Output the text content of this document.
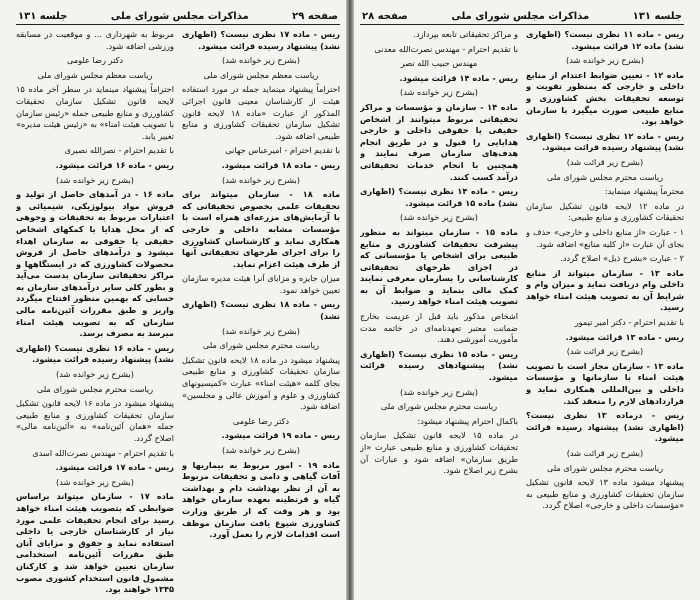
صفحه ۲۹
مذاکرات مجلس شورای ملی
جلسه ۱۳۱

ریس - ماده ۱۷ نظری نیست؟ (اظهاری نشد) پیشنهاد رسیده قرائت میشود.

(بشرح زیر خوانده شد)

ریاست معظم مجلس شورای ملی

احتراماً پیشنهاد مینماید جمله در مورد استفاده هیئت از کارشناسان معینی قانون اجرائی المذکور از عبارت «ماده ۱۸ لایحه قانون تشکیل سازمان تحقیقات کشاورزی و منابع طبیعی اضافه شود.

با تقدیم احترام - امیرعباس جهانی

ریس - ماده ۱۸ قرائت میشود.

(بشرح زیر خوانده شد)

ماده ۱۸ - سازمان میتواند برای تحقیقات علمی بخصوص تحقیقاتی که با آزمایش‌های مزرعه‌ای همراه است با مؤسسات مشابه داخلی و خارجی همکاری نماید و کارشناسان کشاورزی را برای اجرای طرحهای تحقیقاتی آنها از طرف هیئت اعزام نماید.

میزان جایزه و مزایای آنرا هیئت مدیره سازمان تعیین خواهد نمود.

ریس - ماده ۱۸ نظری نیست؟ (اظهاری نشد)

(بشرح زیر خوانده شد)

ریاست محترم مجلس شورای ملی

پیشنهاد میشود در ماده ۱۸ لایحه قانون تشکیل سازمان تحقیقات کشاورزی و منابع طبیعی بجای کلمه «هیئت امناء» عبارت «کمیسیونهای کشاورزی و علوم و آموزش عالی و مجلسین» اضافه شود.

دکتر رضا علومی

ریس - ماده ۱۹ قرائت میشود.

(بشرح زیر خوانده شد)

ماده ۱۹ - امور مربوط به بیماریها و آفات گیاهی و دامی و تحقیقات مربوط به آن از نظر بهداشت دام و بهداشت گیاه و قرنطینه بعهده سازمان خواهد بود و هر وقت که از طریق وزارت کشاورزی شیوع یافت سازمان موظف است اقدامات لازم را بعمل آورد.

مربوط به شهرداری ... و موقعیت در مسابقه ورزشی اضافه شود.

دکتر رضا علومی

ریاست معظم مجلس شورای ملی

احتراماً پیشنهاد مینماید در سطر آخر ماده ۱۵ لایحه قانون تشکیل سازمان تحقیقات کشاورزی و منابع طبیعی جمله «رئیس سازمان با تصویب هیئت امناء» به «رئیس هیئت مدیره» تغییر یابد.

با تقدیم احترام - نصرالله نصیری

ریس - ماده ۱۶ قرائت میشود.

(بشرح زیر خوانده شد)

ماده ۱۶ - در آمدهای حاصل از تولید و فروش مواد بیولوژیکی، شیمیائی و اعتبارات مربوط به تحقیقات و وجوهی که از محل هدایا یا کمکهای اشخاص حقیقی یا حقوقی به سازمان اهداء میشود و درآمدهای حاصل از فروش محصولات کشاورزی که در ایستگاهها و مراکز تحقیقاتی سازمان بدست می‌آید و بطور کلی سایر درآمدهای سازمان به حسابی که بهمین منظور افتتاح میگردد واریز و طبق مقررات آئین‌نامه مالی سازمان که به تصویب هیئت امناء میرسد به مصرف برسد.

ریس - ماده ۱۶ نظری نیست؟ (اظهاری نشد) پیشنهاد رسیده قرائت میشود.

(بشرح زیر خوانده شد)

ریاست محترم مجلس شورای ملی

پیشنهاد میشود در ماده ۱۶ لایحه قانون تشکیل سازمان تحقیقات کشاورزی و منابع طبیعی جمله «همان آئین‌نامه» به «آئین‌نامه مالی» اصلاح گردد.

با تقدیم احترام - مهندس نصرت‌الله اسدی

ریس - ماده ۱۷ قرائت میشود.

(بشرح زیر خوانده شد)

ماده ۱۷ - سازمان میتواند براساس ضوابطی که بتصویب هیئت امناء خواهد رسید برای انجام تحقیقات علمی مورد نیاز از کارشناسان خارجی یا داخلی استفاده نماید و حقوق و مزایای آنان طبق مقررات آئین‌نامه استخدامی سازمان تعیین خواهد شد و کارکنان مشمول قانون استخدام کشوری مصوب ۱۳۴۵ خواهند بود.

جلسه ۱۳۱
مذاکرات مجلس شورای ملی
صفحه ۲۸

ریس - ماده ۱۱ نظری نیست؟ (اظهاری نشد) ماده ۱۲ قرائت میشود.

(بشرح زیر خوانده شد)

ماده ۱۲ - تعیین ضوابط اعتدام از منابع داخلی و خارجی که بمنظور تقویت و توسعه تحقیقات بخش کشاورزی و منابع طبیعی صورت میگیرد با سازمان خواهد بود.

ریس - ماده ۱۲ نظری نیست؟ (اظهاری نشد) پیشنهاد رسیده قرائت میشود.

(بشرح زیر قرائت شد)

ریاست محترم مجلس شورای ملی

محترماً پیشنهاد مینماید:

در ماده ۱۲ لایحه قانون تشکیل سازمان تحقیقات کشاورزی و منابع طبیعی:

۱ - عبارت «از منابع داخلی و خارجی» حذف و بجای آن عبارت «از کلیه منابع» اضافه شود.

۲ - عبارت «بشرح ذیل» اصلاح گردد.

ماده ۱۳ - سازمان میتواند از منابع داخلی وام دریافت نماید و میزان وام و شرایط آن به تصویب هیئت امناء خواهد رسید.

با تقدیم احترام - دکتر امیر تیمور

ریس - ماده ۱۳ قرائت میشود.

(بشرح زیر قرائت شد)

ماده ۱۳ - سازمان مجاز است با تصویب هیئت امناء با سازمانها و مؤسسات داخلی و بین‌المللی همکاری نماید و قراردادهای لازم را منعقد کند.

ریس - درماده ۱۳ نظری نیست؟ (اظهاری نشد) پیشنهاد رسیده قرائت میشود.

(بشرح زیر قرائت شد)

ریاست محترم مجلس شورای ملی

پیشنهاد میشود ماده ۱۳ لایحه قانون تشکیل سازمان تحقیقات کشاورزی و منابع طبیعی به «مؤسسات داخلی و خارجی» اصلاح گردد.

و مراکز تحقیقاتی تابعه بپردازد.

با تقدیم احترام - مهندس نصرت‌الله معدنی

مهندس حبیب الله نصر

ریس - ماده ۱۴ قرائت میشود.

(بشرح زیر خوانده شد)

ماده ۱۴ - سازمان و مؤسسات و مراکز تحقیقاتی مربوط میتوانند از اشخاص حقیقی یا حقوقی داخلی و خارجی هدایایی را قبول و در طریق انجام هدف‌های سازمان صرف نمایند و همچنین با انجام خدمات تحقیقاتی درآمد کسب کنند.

ریس - ماده ۱۴ نظری نیست؟ (اظهاری نشد) ماده ۱۵ قرائت میشود.

(بشرح زیر خوانده شد)

ماده ۱۵ - سازمان میتواند به منظور پیشرفت تحقیقات کشاورزی و منابع طبیعی برای اشخاص یا مؤسساتی که در اجرای طرحهای تحقیقاتی کارشناسانی را بسازمان معرفی نمایند کمک مالی بنماید و ضوابط آن به تصویب هیئت امناء خواهد رسید.

اشخاص مذکور باید قبل از عزیمت بخارج ضمانت معتبر تعهدنامه‌ای در خاتمه مدت مأموریت آموزشی دهند.

ریس - ماده ۱۵ نظری نیست؟ (اظهاری نشد) پیشنهادهای رسیده قرائت میشود.

(بشرح زیر خوانده شد)

ریاست محترم مجلس شورای ملی

باکمال احترام پیشنهاد میشود:

در ماده ۱۵ لایحه قانون تشکیل سازمان تحقیقات کشاورزی و منابع طبیعی عبارت «از طریق سازمان» اضافه شود و عبارات آن بشرح زیر اصلاح شود.
